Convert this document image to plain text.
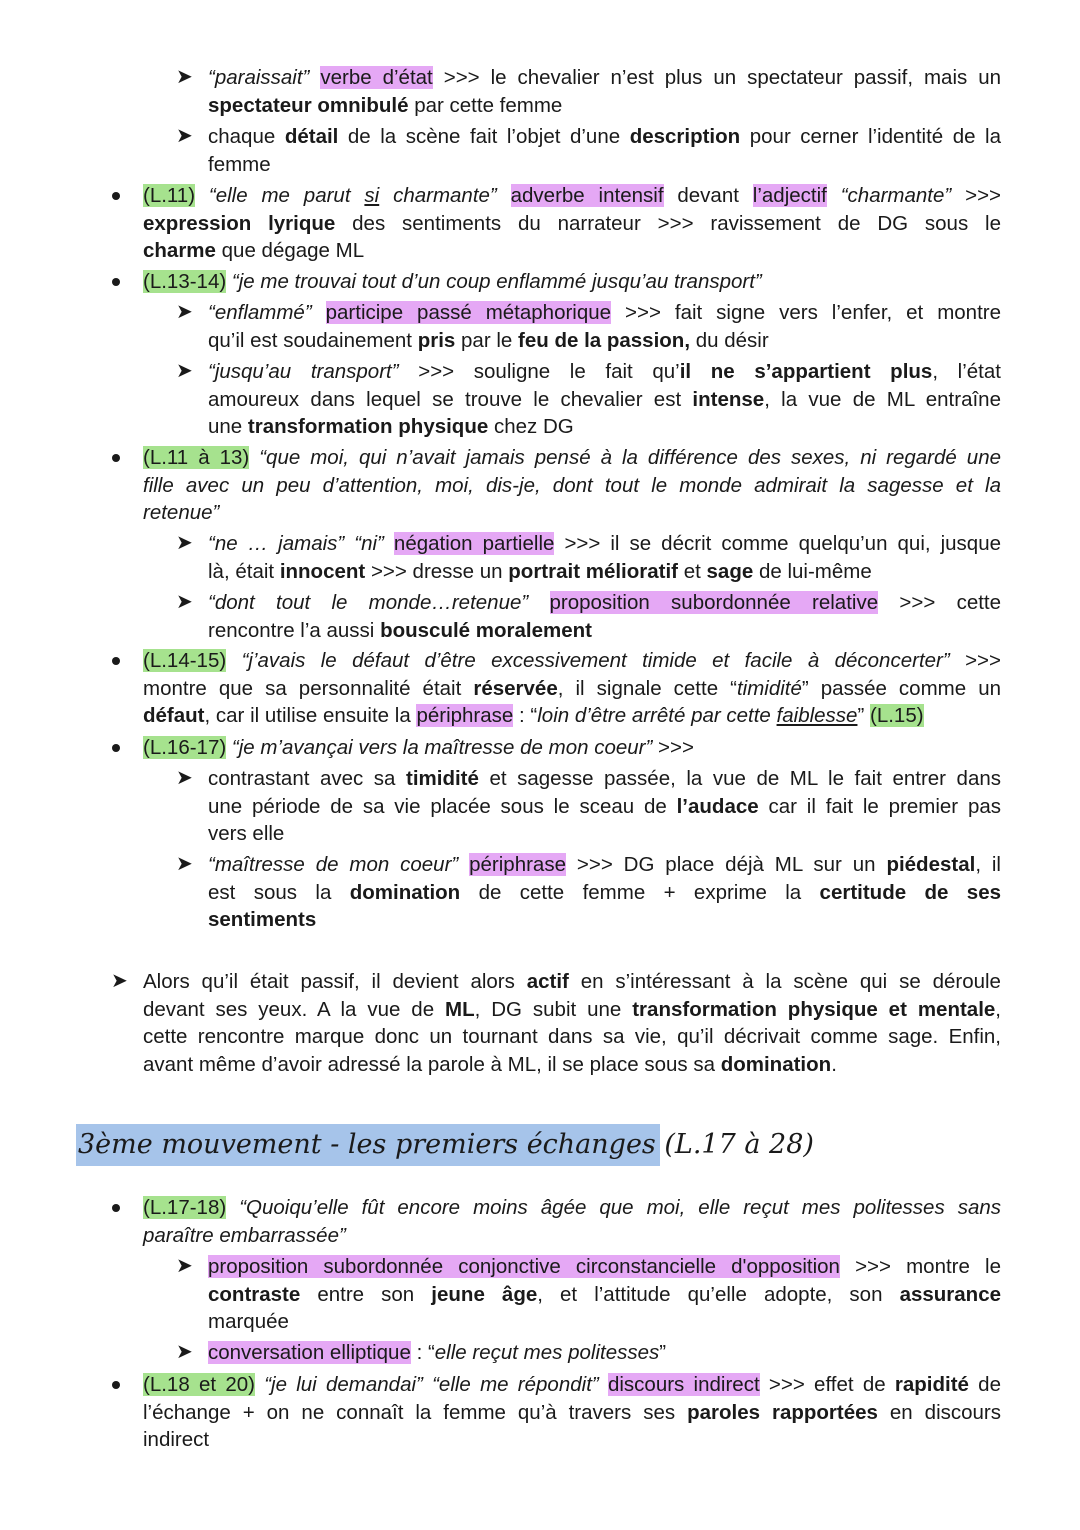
➤ “paraissait” verbe d’état >>> le chevalier n’est plus un spectateur passif, mais un
spectateur omnibulé par cette femme
➤ chaque détail de la scène fait l’objet d’une description pour cerner l’identité de la
femme
(L.11) “elle me parut si charmante” adverbe intensif devant l’adjectif “charmante” >>>
expression lyrique des sentiments du narrateur >>> ravissement de DG sous le
charme que dégage ML
(L.13-14) “je me trouvai tout d’un coup enflammé jusqu’au transport”
➤ “enflammé” participe passé métaphorique >>> fait signe vers l’enfer, et montre
qu’il est soudainement pris par le feu de la passion, du désir
➤ “jusqu’au transport” >>> souligne le fait qu’il ne s’appartient plus, l’état
amoureux dans lequel se trouve le chevalier est intense, la vue de ML entraîne
une transformation physique chez DG
(L.11 à 13) “que moi, qui n’avait jamais pensé à la différence des sexes, ni regardé une
fille avec un peu d’attention, moi, dis-je, dont tout le monde admirait la sagesse et la
retenue”
➤ “ne … jamais” “ni” négation partielle >>> il se décrit comme quelqu’un qui, jusque
là, était innocent >>> dresse un portrait mélioratif et sage de lui-même
➤ “dont tout le monde…retenue” proposition subordonnée relative >>> cette
rencontre l’a aussi bousculé moralement
(L.14-15) “j’avais le défaut d’être excessivement timide et facile à déconcerter” >>>
montre que sa personnalité était réservée, il signale cette “timidité” passée comme un
défaut, car il utilise ensuite la périphrase : “loin d’être arrêté par cette faiblesse” (L.15)
(L.16-17) “je m’avançai vers la maîtresse de mon coeur” >>>
➤ contrastant avec sa timidité et sagesse passée, la vue de ML le fait entrer dans
une période de sa vie placée sous le sceau de l’audace car il fait le premier pas
vers elle
➤ “maîtresse de mon coeur” périphrase >>> DG place déjà ML sur un piédestal, il
est sous la domination de cette femme + exprime la certitude de ses
sentiments
➤ Alors qu’il était passif, il devient alors actif en s’intéressant à la scène qui se déroule
devant ses yeux. A la vue de ML, DG subit une transformation physique et mentale,
cette rencontre marque donc un tournant dans sa vie, qu’il décrivait comme sage. Enfin,
avant même d’avoir adressé la parole à ML, il se place sous sa domination.
3ème mouvement - les premiers échanges (L.17 à 28)
(L.17-18) “Quoiqu’elle fût encore moins âgée que moi, elle reçut mes politesses sans
paraître embarrassée”
➤ proposition subordonnée conjonctive circonstancielle d'opposition >>> montre le
contraste entre son jeune âge, et l’attitude qu’elle adopte, son assurance
marquée
➤ conversation elliptique : “elle reçut mes politesses”
(L.18 et 20) “je lui demandai” “elle me répondit” discours indirect >>> effet de rapidité de
l’échange + on ne connaît la femme qu’à travers ses paroles rapportées en discours
indirect
